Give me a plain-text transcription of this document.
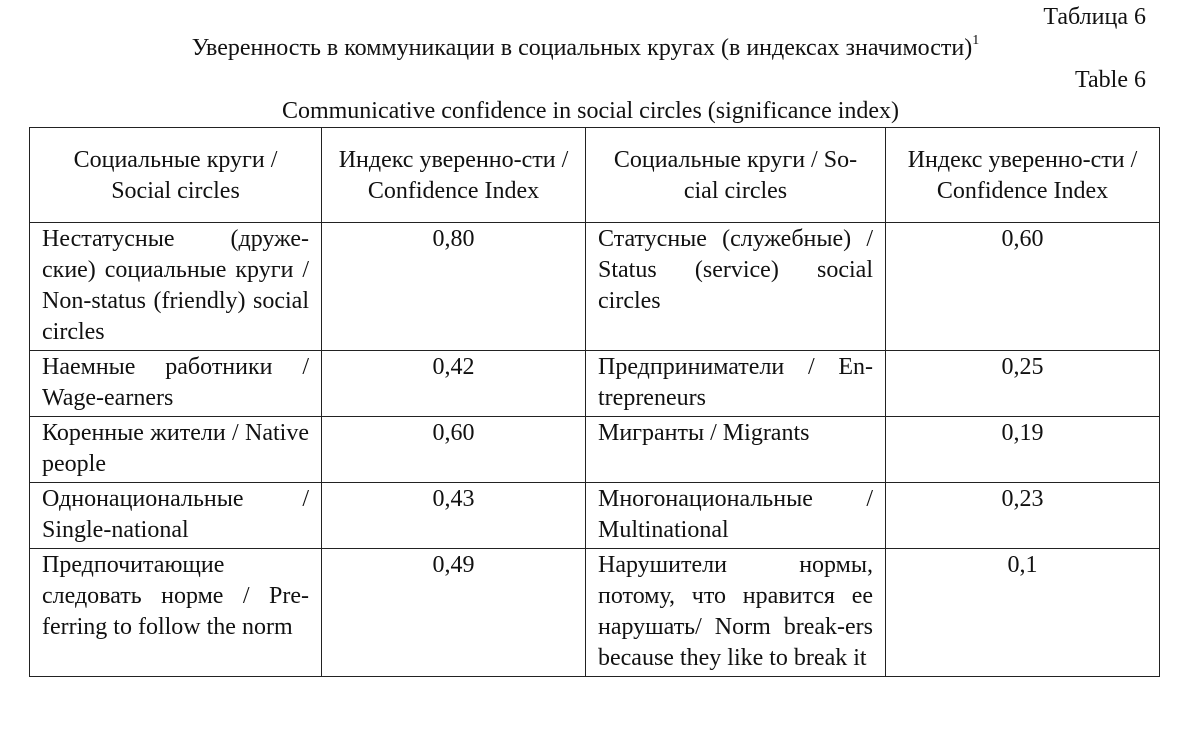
Таблица 6
Уверенность в коммуникации в социальных кругах (в индексах значимости)$^1$
Table 6
Communicative confidence in social circles (significance index)
Социальные круги / Social circles	Индекс уверенно-сти / Confidence Index	Социальные круги / So-cial circles	Индекс уверенно-сти / Confidence Index
Нестатусные (друже-ские) социальные круги / Non-status (friendly) social circles	0,80	Статусные (служебные) / Status (service) social circles	0,60
Наемные работники / Wage-earners	0,42	Предприниматели / En-trepreneurs	0,25
Коренные жители / Native people	0,60	Мигранты / Migrants	0,19
Однонациональные / Single-national	0,43	Многонациональные / Multinational	0,23
Предпочитающие следовать норме / Pre-ferring to follow the norm	0,49	Нарушители нормы, потому, что нравится ее нарушать/ Norm break-ers because they like to break it	0,1
